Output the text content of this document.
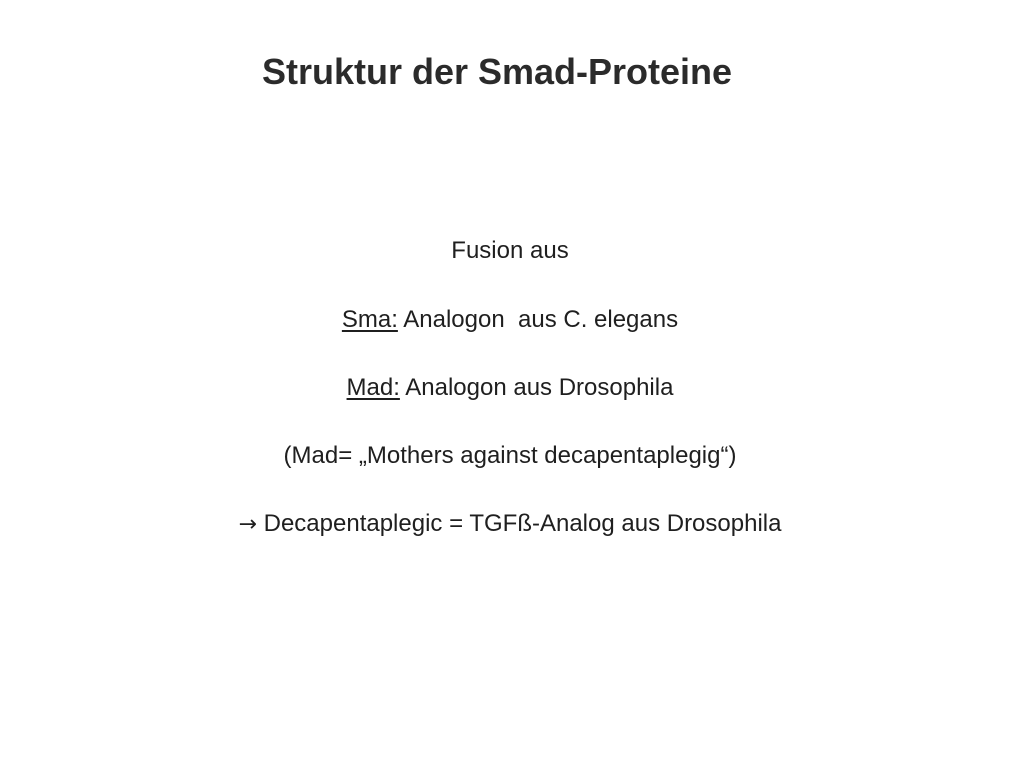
Struktur der Smad-Proteine
Fusion aus
Sma: Analogon  aus C. elegans
Mad: Analogon aus Drosophila
(Mad= „Mothers against decapentaplegig“)
→ Decapentaplegic = TGFß-Analog aus Drosophila
